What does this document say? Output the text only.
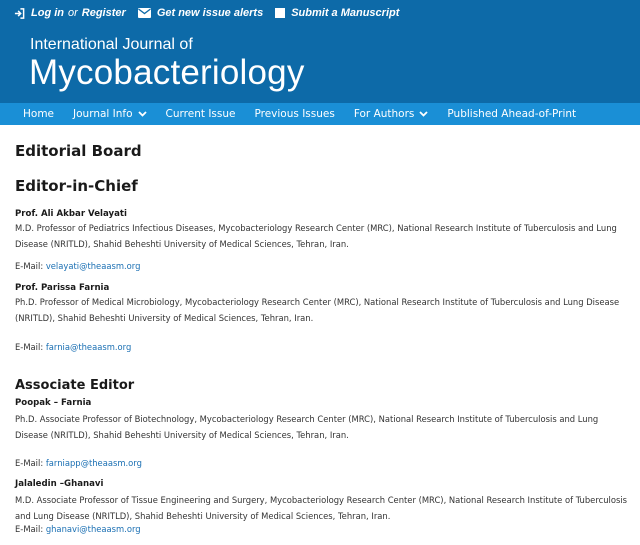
Log in or Register	Get new issue alerts	Submit a Manuscript
International Journal of
Mycobacteriology
Home Journal Info	Current Issue Previous Issues For Authors	Published Ahead-of-Print
Editorial Board
Editor-in-Chief
Prof. Ali Akbar Velayati
M.D. Professor of Pediatrics Infectious Diseases, Mycobacteriology Research Center (MRC), National Research Institute of Tuberculosis and Lung Disease (NRITLD), Shahid Beheshti University of Medical Sciences, Tehran, Iran.
E-Mail: velayati@theaasm.org
Prof. Parissa Farnia
Ph.D. Professor of Medical Microbiology, Mycobacteriology Research Center (MRC), National Research Institute of Tuberculosis and Lung Disease (NRITLD), Shahid Beheshti University of Medical Sciences, Tehran, Iran.
E-Mail: farnia@theaasm.org
Associate Editor
Poopak – Farnia
Ph.D. Associate Professor of Biotechnology, Mycobacteriology Research Center (MRC), National Research Institute of Tuberculosis and Lung Disease (NRITLD), Shahid Beheshti University of Medical Sciences, Tehran, Iran.
E-Mail: farniapp@theaasm.org
Jalaledin –Ghanavi
M.D. Associate Professor of Tissue Engineering and Surgery, Mycobacteriology Research Center (MRC), National Research Institute of Tuberculosis and Lung Disease (NRITLD), Shahid Beheshti University of Medical Sciences, Tehran, Iran.
E-Mail: ghanavi@theaasm.org
